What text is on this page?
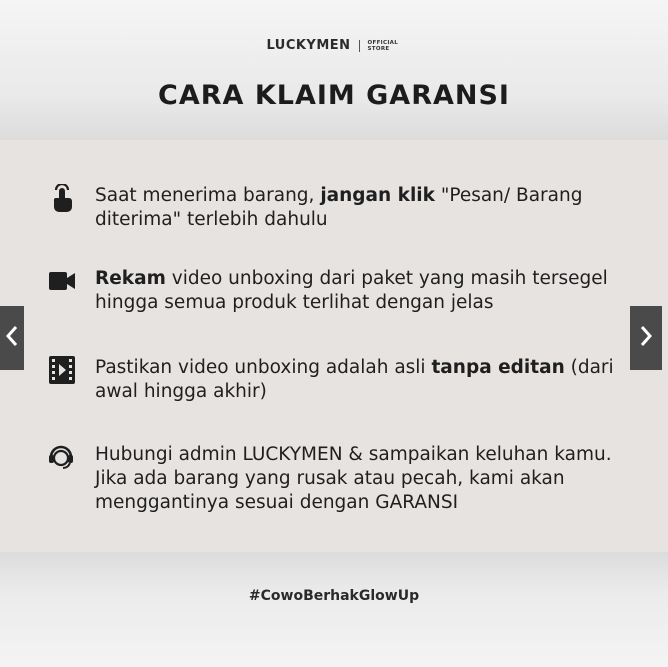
LUCKYMEN	OFFICIAL
STORE
CARA KLAIM GARANSI
Saat menerima barang, jangan klik "Pesan/ Barang diterima" terlebih dahulu
Rekam video unboxing dari paket yang masih tersegel hingga semua produk terlihat dengan jelas
Pastikan video unboxing adalah asli tanpa editan (dari awal hingga akhir)
Hubungi admin LUCKYMEN & sampaikan keluhan kamu. Jika ada barang yang rusak atau pecah, kami akan menggantinya sesuai dengan GARANSI
#CowoBerhakGlowUp
